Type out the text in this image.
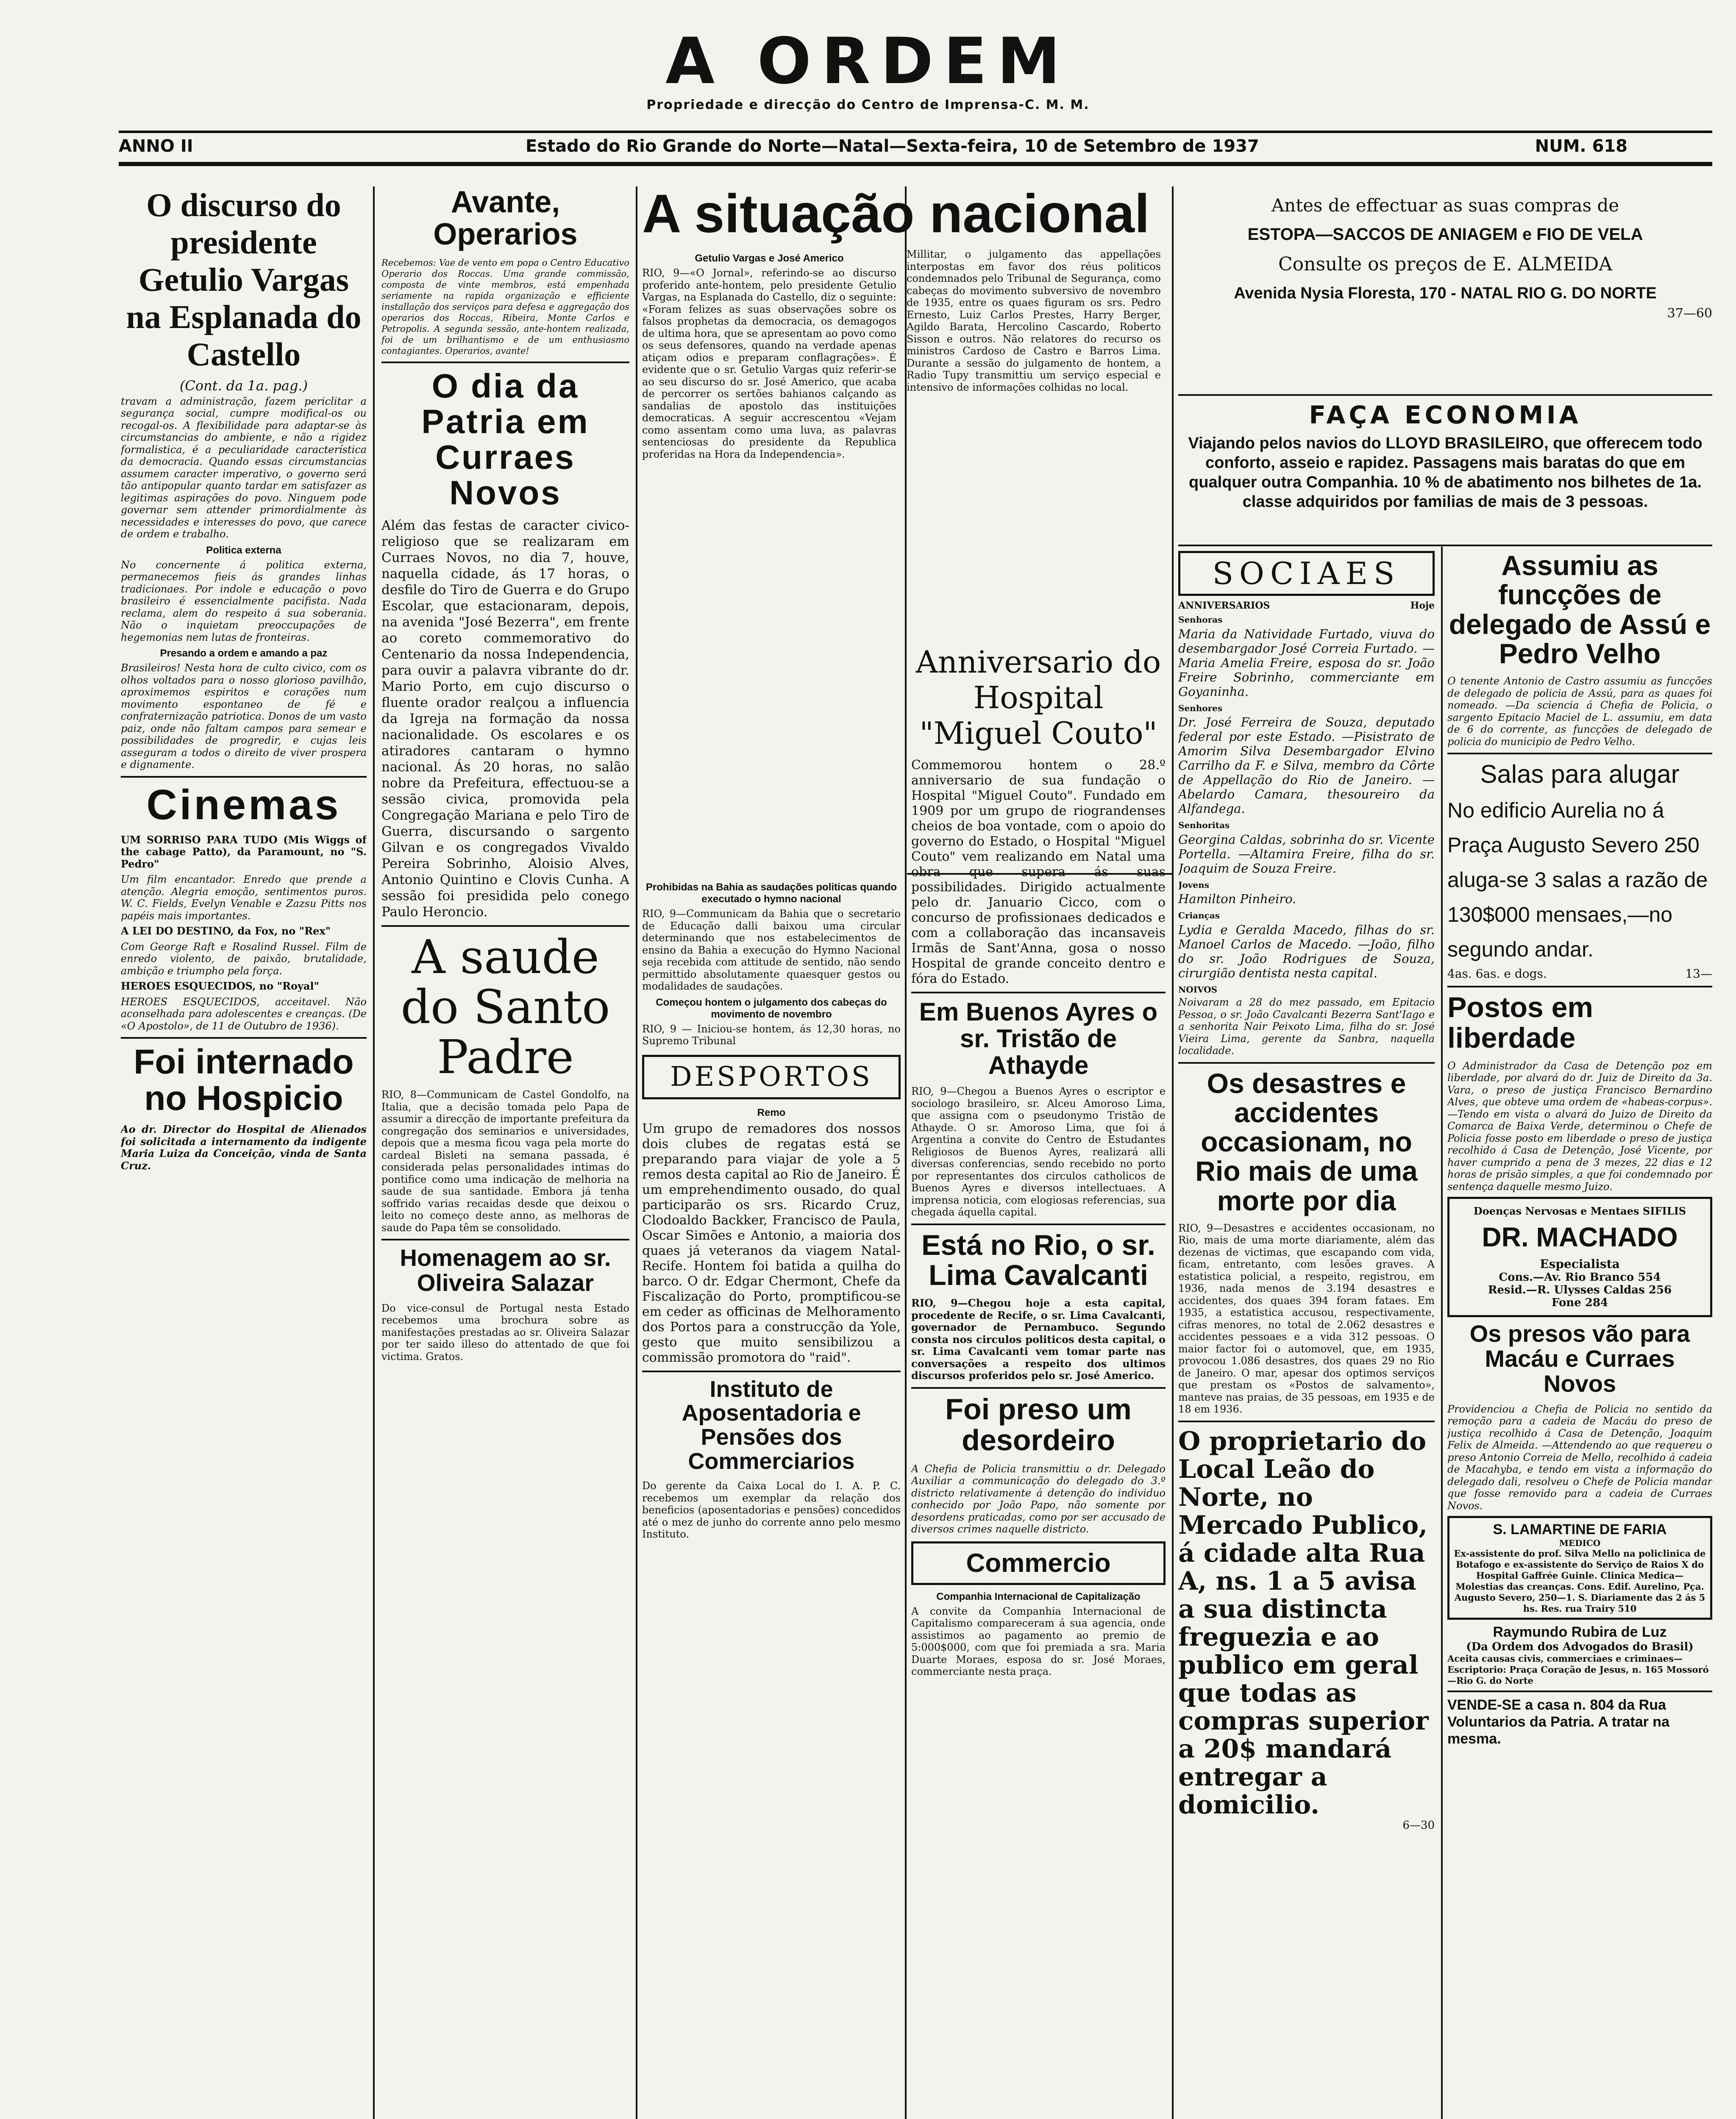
A ORDEM
Propriedade e direcção do Centro de Imprensa-C. M. M.
ANNO II	Estado do Rio Grande do Norte—Natal—Sexta-feira, 10 de Setembro de 1937	NUM. 618
O discurso do presidente Getulio Vargas na Esplanada do Castello

(Cont. da 1a. pag.)

travam a administração, fazem periclitar a segurança social, cumpre modifical-os ou recogal-os. A flexibilidade para adaptar-se às circumstancias do ambiente, e não a rigidez formalistica, é a peculiaridade característica da democracia. Quando essas circumstancias assumem caracter imperativo, o governo será tão antipopular quanto tardar em satisfazer as legitimas aspirações do povo. Ninguem pode governar sem attender primordialmente às necessidades e interesses do povo, que carece de ordem e trabalho.

Politica externa

No concernente á politica externa, permanecemos fieis ás grandes linhas tradicionaes. Por indole e educação o povo brasileiro é essencialmente pacifista. Nada reclama, alem do respeito á sua soberania. Não o inquietam preoccupações de hegemonias nem lutas de fronteiras.

Presando a ordem e amando a paz

Brasileiros! Nesta hora de culto civico, com os olhos voltados para o nosso glorioso pavilhão, aproximemos espiritos e corações num movimento espontaneo de fé e confraternização patriotica. Donos de um vasto paiz, onde não faltam campos para semear e possibilidades de progredir, e cujas leis asseguram a todos o direito de viver prospera e dignamente.

Cinemas

UM SORRISO PARA TUDO (Mis Wiggs of the cabage Patto), da Paramount, no "S. Pedro"

Um film encantador. Enredo que prende a atenção. Alegria emoção, sentimentos puros. W. C. Fields, Evelyn Venable e Zazsu Pitts nos papéis mais importantes.

A LEI DO DESTINO, da Fox, no "Rex"

Com George Raft e Rosalind Russel. Film de enredo violento, de paixão, brutalidade, ambição e triumpho pela força.

HEROES ESQUECIDOS, no "Royal"

HEROES ESQUECIDOS, acceitavel. Não aconselhada para adolescentes e creanças. (De «O Apostolo», de 11 de Outubro de 1936).

Foi internado no Hospicio

Ao dr. Director do Hospital de Alienados foi solicitada a internamento da indigente Maria Luiza da Conceição, vinda de Santa Cruz.

Avante, Operarios

Recebemos: Vae de vento em popa o Centro Educativo Operario dos Roccas. Uma grande commissão, composta de vinte membros, está empenhada seriamente na rapida organização e efficiente installação dos serviços para defesa e aggregação dos operarios dos Roccas, Ribeira, Monte Carlos e Petropolis. A segunda sessão, ante-hontem realizada, foi de um brilhantismo e de um enthusiasmo contagiantes. Operarios, avante!

O dia da Patria em Curraes Novos

Além das festas de caracter civico-religioso que se realizaram em Curraes Novos, no dia 7, houve, naquella cidade, ás 17 horas, o desfile do Tiro de Guerra e do Grupo Escolar, que estacionaram, depois, na avenida "José Bezerra", em frente ao coreto commemorativo do Centenario da nossa Independencia, para ouvir a palavra vibrante do dr. Mario Porto, em cujo discurso o fluente orador realçou a influencia da Igreja na formação da nossa nacionalidade. Os escolares e os atiradores cantaram o hymno nacional. Ás 20 horas, no salão nobre da Prefeitura, effectuou-se a sessão civica, promovida pela Congregação Mariana e pelo Tiro de Guerra, discursando o sargento Gilvan e os congregados Vivaldo Pereira Sobrinho, Aloisio Alves, Antonio Quintino e Clovis Cunha. A sessão foi presidida pelo conego Paulo Heroncio.

A saude do Santo Padre

RIO, 8—Communicam de Castel Gondolfo, na Italia, que a decisão tomada pelo Papa de assumir a direcção de importante prefeitura da congregação dos seminarios e universidades, depois que a mesma ficou vaga pela morte do cardeal Bisleti na semana passada, é considerada pelas personalidades intimas do pontifice como uma indicação de melhoria na saude de sua santidade. Embora já tenha soffrido varias recaidas desde que deixou o leito no começo deste anno, as melhoras de saude do Papa têm se consolidado.

Homenagem ao sr. Oliveira Salazar

Do vice-consul de Portugal nesta Estado recebemos uma brochura sobre as manifestações prestadas ao sr. Oliveira Salazar por ter saido illeso do attentado de que foi victima. Gratos.

A situação nacional

Getulio Vargas e José Americo

RIO, 9—«O Jornal», referindo-se ao discurso proferido ante-hontem, pelo presidente Getulio Vargas, na Esplanada do Castello, diz o seguinte: «Foram felizes as suas observações sobre os falsos prophetas da democracia, os demagogos de ultima hora, que se apresentam ao povo como os seus defensores, quando na verdade apenas atiçam odios e preparam conflagrações». É evidente que o sr. Getulio Vargas quiz referir-se ao seu discurso do sr. José Americo, que acaba de percorrer os sertões bahianos calçando as sandalias de apostolo das instituições democraticas. A seguir accrescentou «Vejam como assentam como uma luva, as palavras sentenciosas do presidente da Republica proferidas na Hora da Independencia».

Millitar, o julgamento das appellações interpostas em favor dos réus politicos condemnados pelo Tribunal de Segurança, como cabeças do movimento subversivo de novembro de 1935, entre os quaes figuram os srs. Pedro Ernesto, Luiz Carlos Prestes, Harry Berger, Agildo Barata, Hercolino Cascardo, Roberto Sisson e outros. Não relatores do recurso os ministros Cardoso de Castro e Barros Lima. Durante a sessão do julgamento de hontem, a Radio Tupy transmittiu um serviço especial e intensivo de informações colhidas no local.

Prohibidas na Bahia as saudações politicas quando executado o hymno nacional

RIO, 9—Communicam da Bahia que o secretario de Educação dalli baixou uma circular determinando que nos estabelecimentos de ensino da Bahia a execução do Hymno Nacional seja recebida com attitude de sentido, não sendo permittido absolutamente quaesquer gestos ou modalidades de saudações.

Começou hontem o julgamento dos cabeças do movimento de novembro

RIO, 9 — Iniciou-se hontem, ás 12,30 horas, no Supremo Tribunal

DESPORTOS

Remo

Um grupo de remadores dos nossos dois clubes de regatas está se preparando para viajar de yole a 5 remos desta capital ao Rio de Janeiro. É um emprehendimento ousado, do qual participarão os srs. Ricardo Cruz, Clodoaldo Backker, Francisco de Paula, Oscar Simões e Antonio, a maioria dos quaes já veteranos da viagem Natal-Recife. Hontem foi batida a quilha do barco. O dr. Edgar Chermont, Chefe da Fiscalização do Porto, promptificou-se em ceder as officinas de Melhoramento dos Portos para a construcção da Yole, gesto que muito sensibilizou a commissão promotora do "raid".

Instituto de Aposentadoria e Pensões dos Commerciarios

Do gerente da Caixa Local do I. A. P. C. recebemos um exemplar da relação dos beneficios (aposentadorias e pensões) concedidos até o mez de junho do corrente anno pelo mesmo Instituto.

Anniversario do Hospital "Miguel Couto"

Commemorou hontem o 28.º anniversario de sua fundação o Hospital "Miguel Couto". Fundado em 1909 por um grupo de riograndenses cheios de boa vontade, com o apoio do governo do Estado, o Hospital "Miguel Couto" vem realizando em Natal uma obra que supera ás suas possibilidades. Dirigido actualmente pelo dr. Januario Cicco, com o concurso de profissionaes dedicados e com a collaboração das incansaveis Irmãs de Sant'Anna, gosa o nosso Hospital de grande conceito dentro e fóra do Estado.

Em Buenos Ayres o sr. Tristão de Athayde

RIO, 9—Chegou a Buenos Ayres o escriptor e sociologo brasileiro, sr. Alceu Amoroso Lima, que assigna com o pseudonymo Tristão de Athayde. O sr. Amoroso Lima, que foi á Argentina a convite do Centro de Estudantes Religiosos de Buenos Ayres, realizará alli diversas conferencias, sendo recebido no porto por representantes dos circulos catholicos de Buenos Ayres e diversos intellectuaes. A imprensa noticia, com elogiosas referencias, sua chegada áquella capital.

Está no Rio, o sr. Lima Cavalcanti

RIO, 9—Chegou hoje a esta capital, procedente de Recife, o sr. Lima Cavalcanti, governador de Pernambuco. Segundo consta nos circulos politicos desta capital, o sr. Lima Cavalcanti vem tomar parte nas conversações a respeito dos ultimos discursos proferidos pelo sr. José Americo.

Foi preso um desordeiro

A Chefia de Policia transmittiu o dr. Delegado Auxiliar a communicação do delegado do 3.º districto relativamente á detenção do individuo conhecido por João Papo, não somente por desordens praticadas, como por ser accusado de diversos crimes naquelle districto.

Commercio

Companhia Internacional de Capitalização

A convite da Companhia Internacional de Capitalismo compareceram á sua agencia, onde assistimos ao pagamento ao premio de 5:000$000, com que foi premiada a sra. Maria Duarte Moraes, esposa do sr. José Moraes, commerciante nesta praça.

Antes de effectuar as suas compras de
ESTOPA—SACCOS DE ANIAGEM e FIO DE VELA
Consulte os preços de E. ALMEIDA
Avenida Nysia Floresta, 170 - NATAL RIO G. DO NORTE
37—60
FAÇA ECONOMIA
Viajando pelos navios do LLOYD BRASILEIRO, que offerecem todo conforto, asseio e rapidez. Passagens mais baratas do que em qualquer outra Companhia. 10 % de abatimento nos bilhetes de 1a. classe adquiridos por familias de mais de 3 pessoas.
SOCIAES
ANNIVERSARIOS	Hoje

Senhoras

Maria da Natividade Furtado, viuva do desembargador José Correia Furtado. —Maria Amelia Freire, esposa do sr. João Freire Sobrinho, commerciante em Goyaninha.

Senhores

Dr. José Ferreira de Souza, deputado federal por este Estado. —Pisistrato de Amorim Silva Desembargador Elvino Carrilho da F. e Silva, membro da Côrte de Appellação do Rio de Janeiro. —Abelardo Camara, thesoureiro da Alfandega.

Senhoritas

Georgina Caldas, sobrinha do sr. Vicente Portella. —Altamira Freire, filha do sr. Joaquim de Souza Freire.

Jovens

Hamilton Pinheiro.

Crianças

Lydia e Geralda Macedo, filhas do sr. Manoel Carlos de Macedo. —João, filho do sr. João Rodrigues de Souza, cirurgião dentista nesta capital.

NOIVOS

Noivaram a 28 do mez passado, em Epitacio Pessoa, o sr. João Cavalcanti Bezerra Sant'Iago e a senhorita Nair Peixoto Lima, filha do sr. José Vieira Lima, gerente da Sanbra, naquella localidade.

Os desastres e accidentes occasionam, no Rio mais de uma morte por dia

RIO, 9—Desastres e accidentes occasionam, no Rio, mais de uma morte diariamente, além das dezenas de victimas, que escapando com vida, ficam, entretanto, com lesões graves. A estatistica policial, a respeito, registrou, em 1936, nada menos de 3.194 desastres e accidentes, dos quaes 394 foram fataes. Em 1935, a estatistica accusou, respectivamente, cifras menores, no total de 2.062 desastres e accidentes pessoaes e a vida 312 pessoas. O maior factor foi o automovel, que, em 1935, provocou 1.086 desastres, dos quaes 29 no Rio de Janeiro. O mar, apesar dos optimos serviços que prestam os «Postos de salvamento», manteve nas praias, de 35 pessoas, em 1935 e de 18 em 1936.

O proprietario do Local Leão do Norte, no Mercado Publico, á cidade alta Rua A, ns. 1 a 5 avisa a sua distincta freguezia e ao publico em geral que todas as compras superior a 20$ mandará entregar a domicilio.
6—30
Assumiu as funcções de delegado de Assú e Pedro Velho

O tenente Antonio de Castro assumiu as funcções de delegado de policia de Assú, para as quaes foi nomeado. —Da sciencia á Chefia de Policia, o sargento Epitacio Maciel de L. assumiu, em data de 6 do corrente, as funcções de delegado de policia do municipio de Pedro Velho.

Salas para alugar
No edificio Aurelia no á Praça Augusto Severo 250 aluga-se 3 salas a razão de 130$000 mensaes,—no segundo andar.
4as. 6as. e dogs.	13—
Postos em liberdade

O Administrador da Casa de Detenção poz em liberdade, por alvará do dr. Juiz de Direito da 3a. Vara, o preso de justiça Francisco Bernardino Alves, que obteve uma ordem de «habeas-corpus». —Tendo em vista o alvará do Juizo de Direito da Comarca de Baixa Verde, determinou o Chefe de Policia fosse posto em liberdade o preso de justiça recolhido á Casa de Detenção, José Vicente, por haver cumprido a pena de 3 mezes, 22 dias e 12 horas de prisão simples, a que foi condemnado por sentença daquelle mesmo Juizo.

Doenças Nervosas e Mentaes SIFILIS
DR. MACHADO
Especialista
Cons.—Av. Rio Branco 554
Resid.—R. Ulysses Caldas 256
Fone 284
Os presos vão para Macáu e Curraes Novos

Providenciou a Chefia de Policia no sentido da remoção para a cadeia de Macáu do preso de justiça recolhido á Casa de Detenção, Joaquim Felix de Almeida. —Attendendo ao que requereu o preso Antonio Correia de Mello, recolhido á cadeia de Macahyba, e tendo em vista a informação do delegado dali, resolveu o Chefe de Policia mandar que fosse removido para a cadeia de Curraes Novos.

S. LAMARTINE DE FARIA
MEDICO
Ex-assistente do prof. Silva Mello na policlinica de Botafogo e ex-assistente do Serviço de Raios X do Hospital Gaffrée Guinle. Clinica Medica—Molestias das creanças. Cons. Edif. Aurelino, Pça. Augusto Severo, 250—1. S. Diariamente das 2 ás 5 hs. Res. rua Trairy 510
Raymundo Rubira de Luz
(Da Ordem dos Advogados do Brasil)
Aceita causas civis, commerciaes e criminaes—Escriptorio: Praça Coração de Jesus, n. 165 Mossoró—Rio G. do Norte
VENDE-SE a casa n. 804 da Rua Voluntarios da Patria. A tratar na mesma.
